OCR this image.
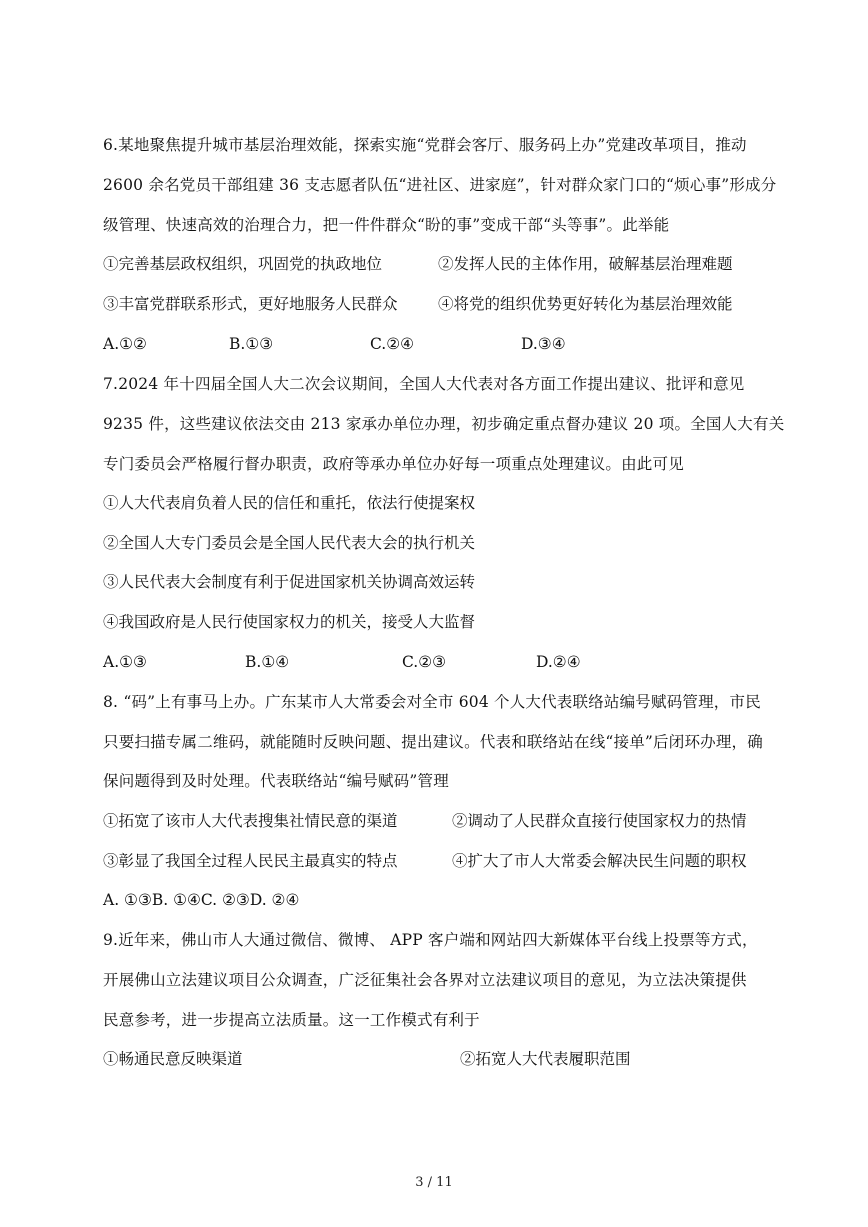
6.某地聚焦提升城市基层治理效能，探索实施“党群会客厅、服务码上办”党建改革项目，推动
2600 余名党员干部组建 36 支志愿者队伍“进社区、进家庭”，针对群众家门口的“烦心事”形成分
级管理、快速高效的治理合力，把一件件群众“盼的事”变成干部“头等事”。此举能
①完善基层政权组织，巩固党的执政地位	②发挥人民的主体作用，破解基层治理难题
③丰富党群联系形式，更好地服务人民群众	④将党的组织优势更好转化为基层治理效能
A.①②	B.①③	C.②④	D.③④
7.2024 年十四届全国人大二次会议期间，全国人大代表对各方面工作提出建议、批评和意见
9235 件，这些建议依法交由 213 家承办单位办理，初步确定重点督办建议 20 项。全国人大有关
专门委员会严格履行督办职责，政府等承办单位办好每一项重点处理建议。由此可见
①人大代表肩负着人民的信任和重托，依法行使提案权
②全国人大专门委员会是全国人民代表大会的执行机关
③人民代表大会制度有利于促进国家机关协调高效运转
④我国政府是人民行使国家权力的机关，接受人大监督
A.①③	B.①④	C.②③	D.②④
8. “码”上有事马上办。广东某市人大常委会对全市 604 个人大代表联络站编号赋码管理，市民
只要扫描专属二维码，就能随时反映问题、提出建议。代表和联络站在线“接单”后闭环办理，确
保问题得到及时处理。代表联络站“编号赋码”管理
①拓宽了该市人大代表搜集社情民意的渠道	②调动了人民群众直接行使国家权力的热情
③彰显了我国全过程人民民主最真实的特点	④扩大了市人大常委会解决民生问题的职权
A. ①③B. ①④C. ②③D. ②④
9.近年来，佛山市人大通过微信、微博、 APP 客户端和网站四大新媒体平台线上投票等方式，
开展佛山立法建议项目公众调查，广泛征集社会各界对立法建议项目的意见，为立法决策提供
民意参考，进一步提高立法质量。这一工作模式有利于
①畅通民意反映渠道	②拓宽人大代表履职范围
3 / 11
